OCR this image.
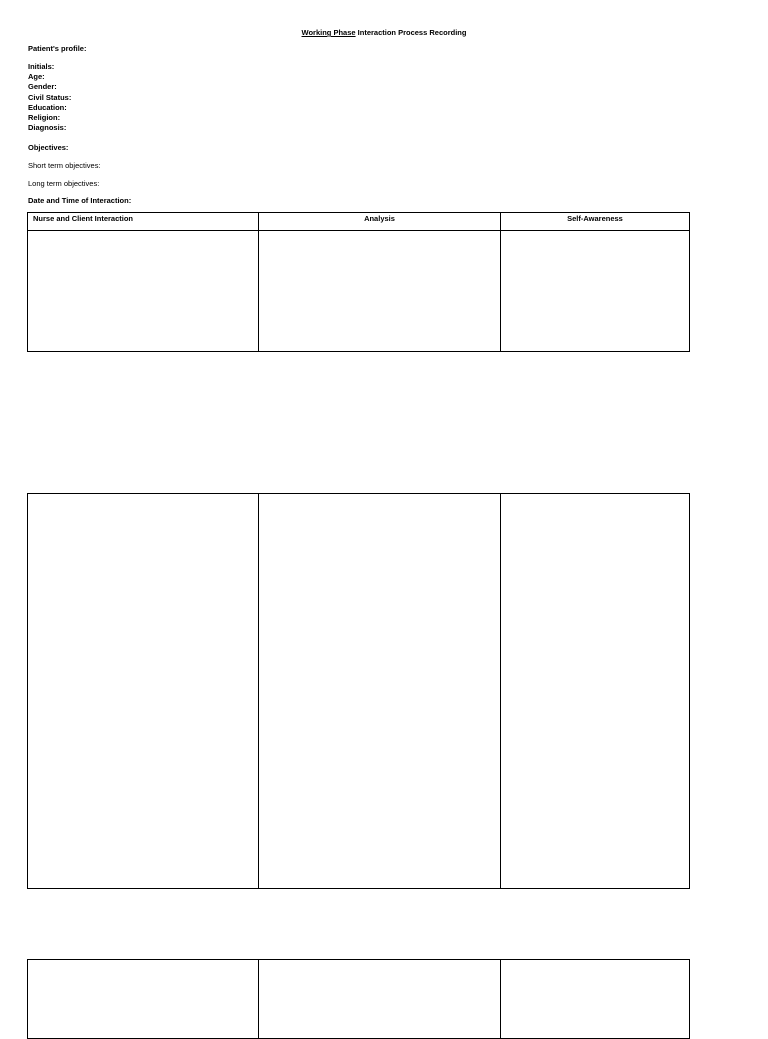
Working Phase Interaction Process Recording
Patient's profile:
Initials:
Age:
Gender:
Civil Status:
Education:
Religion:
Diagnosis:
Objectives:
Short term objectives:
Long term objectives:
Date and Time of Interaction:
Nurse and Client Interaction	Analysis	Self-Awareness
